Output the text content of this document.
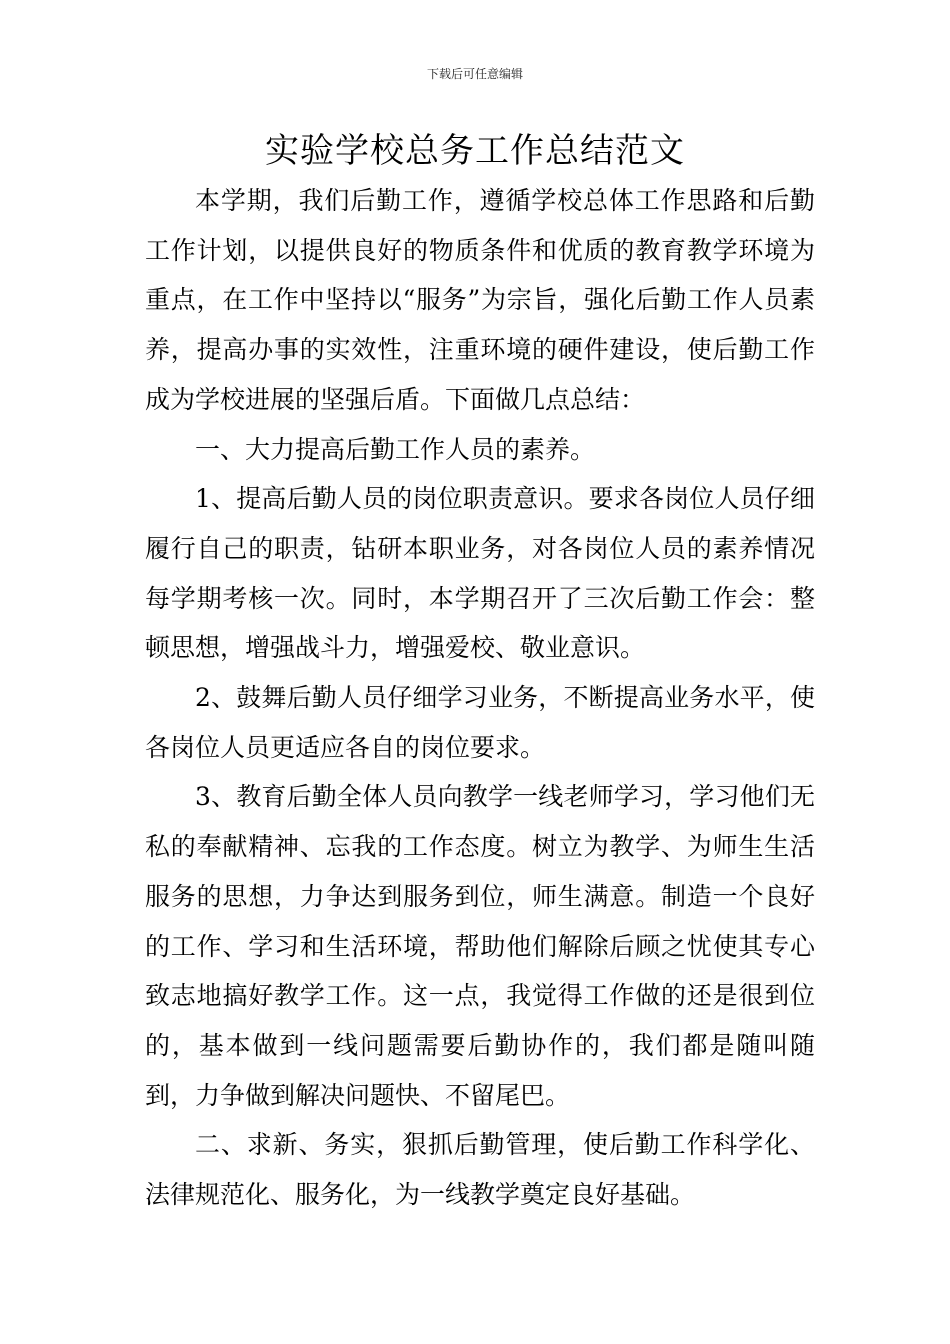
下载后可任意编辑
实验学校总务工作总结范文

本学期，我们后勤工作，遵循学校总体工作思路和后勤工作计划，以提供良好的物质条件和优质的教育教学环境为重点，在工作中坚持以“服务”为宗旨，强化后勤工作人员素养，提高办事的实效性，注重环境的硬件建设，使后勤工作成为学校进展的坚强后盾。下面做几点总结：

一、大力提高后勤工作人员的素养。

1、提高后勤人员的岗位职责意识。要求各岗位人员仔细履行自己的职责，钻研本职业务，对各岗位人员的素养情况每学期考核一次。同时，本学期召开了三次后勤工作会：整顿思想，增强战斗力，增强爱校、敬业意识。

2、鼓舞后勤人员仔细学习业务，不断提高业务水平，使各岗位人员更适应各自的岗位要求。

3、教育后勤全体人员向教学一线老师学习，学习他们无私的奉献精神、忘我的工作态度。树立为教学、为师生生活服务的思想，力争达到服务到位，师生满意。制造一个良好的工作、学习和生活环境，帮助他们解除后顾之忧使其专心致志地搞好教学工作。这一点，我觉得工作做的还是很到位的，基本做到一线问题需要后勤协作的，我们都是随叫随到，力争做到解决问题快、不留尾巴。

二、求新、务实，狠抓后勤管理，使后勤工作科学化、法律规范化、服务化，为一线教学奠定良好基础。
